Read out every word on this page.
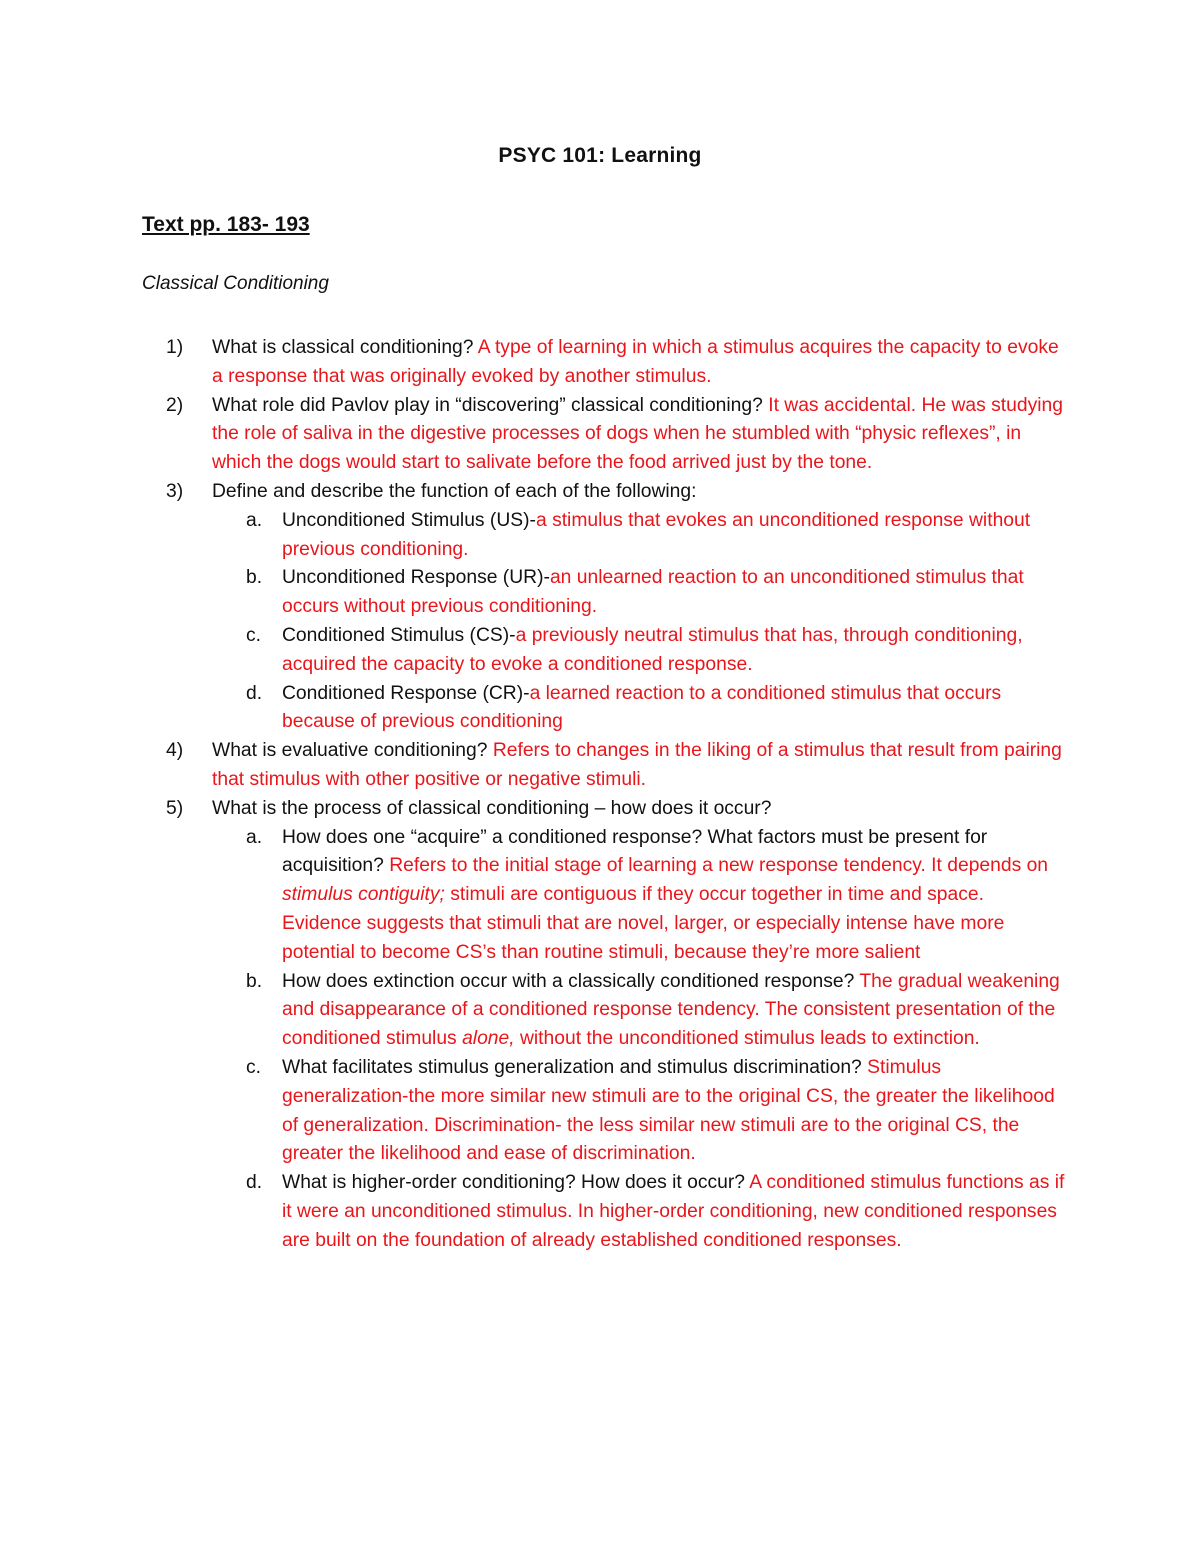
PSYC 101: Learning
Text pp. 183- 193
Classical Conditioning
1) What is classical conditioning? A type of learning in which a stimulus acquires the capacity to evoke a response that was originally evoked by another stimulus.
2) What role did Pavlov play in “discovering” classical conditioning? It was accidental. He was studying the role of saliva in the digestive processes of dogs when he stumbled with “physic reflexes”, in which the dogs would start to salivate before the food arrived just by the tone.
3) Define and describe the function of each of the following:
a.	Unconditioned Stimulus (US)-a stimulus that evokes an unconditioned response without previous conditioning.
b.	Unconditioned Response (UR)-an unlearned reaction to an unconditioned stimulus that occurs without previous conditioning.
c.	Conditioned Stimulus (CS)-a previously neutral stimulus that has, through conditioning, acquired the capacity to evoke a conditioned response.
d.	Conditioned Response (CR)-a learned reaction to a conditioned stimulus that occurs because of previous conditioning
4) What is evaluative conditioning? Refers to changes in the liking of a stimulus that result from pairing that stimulus with other positive or negative stimuli.
5) What is the process of classical conditioning – how does it occur?
a.	How does one “acquire” a conditioned response? What factors must be present for acquisition? Refers to the initial stage of learning a new response tendency. It depends on stimulus contiguity; stimuli are contiguous if they occur together in time and space. Evidence suggests that stimuli that are novel, larger, or especially intense have more potential to become CS’s than routine stimuli, because they’re more salient
b.	How does extinction occur with a classically conditioned response? The gradual weakening and disappearance of a conditioned response tendency. The consistent presentation of the conditioned stimulus alone, without the unconditioned stimulus leads to extinction.
c.	What facilitates stimulus generalization and stimulus discrimination? Stimulus generalization-the more similar new stimuli are to the original CS, the greater the likelihood of generalization. Discrimination- the less similar new stimuli are to the original CS, the greater the likelihood and ease of discrimination.
d.	What is higher-order conditioning? How does it occur? A conditioned stimulus functions as if it were an unconditioned stimulus. In higher-order conditioning, new conditioned responses are built on the foundation of already established conditioned responses.
